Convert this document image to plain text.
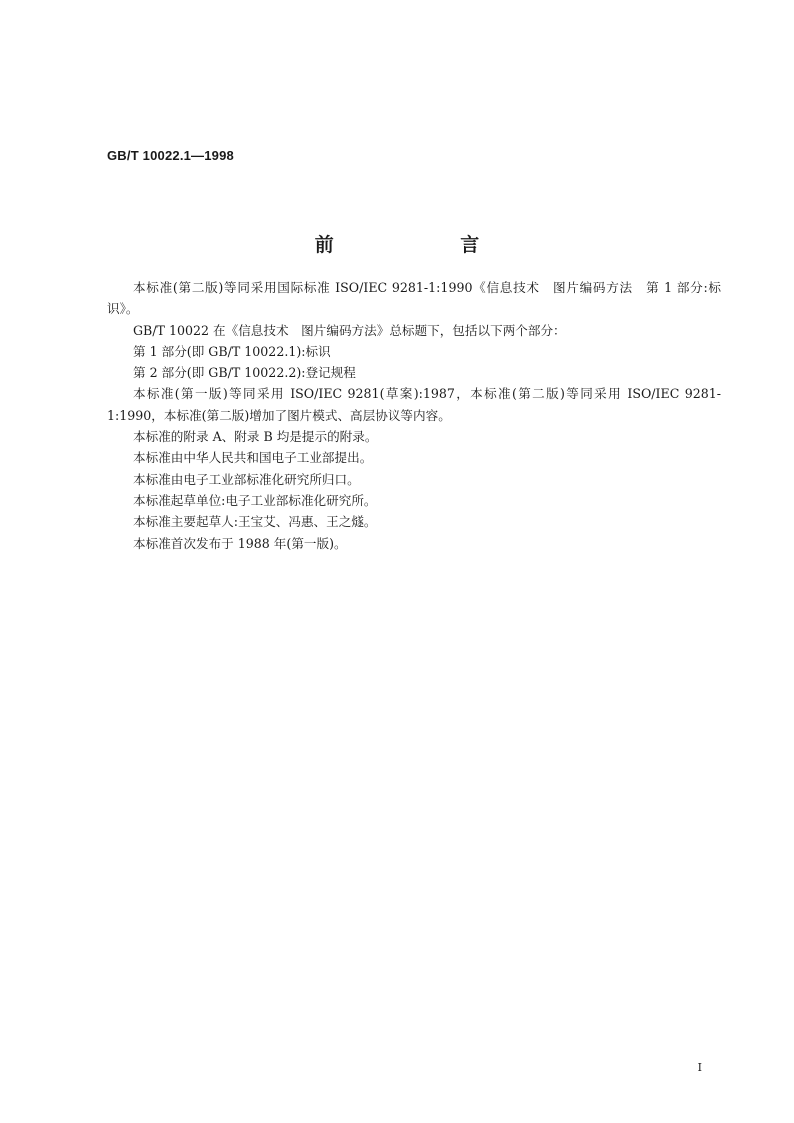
GB/T 10022.1—1998
前 言

本标准(第二版)等同采用国际标准 ISO/IEC 9281-1:1990《信息技术　图片编码方法　第 1 部分:标识》。

GB/T 10022 在《信息技术　图片编码方法》总标题下，包括以下两个部分：

第 1 部分(即 GB/T 10022.1):标识

第 2 部分(即 GB/T 10022.2):登记规程

本标准(第一版)等同采用 ISO/IEC 9281(草案):1987，本标准(第二版)等同采用 ISO/IEC 9281-1:1990，本标准(第二版)增加了图片模式、高层协议等内容。

本标准的附录 A、附录 B 均是提示的附录。

本标准由中华人民共和国电子工业部提出。

本标准由电子工业部标准化研究所归口。

本标准起草单位:电子工业部标准化研究所。

本标准主要起草人:王宝艾、冯惠、王之燧。

本标准首次发布于 1988 年(第一版)。

I
